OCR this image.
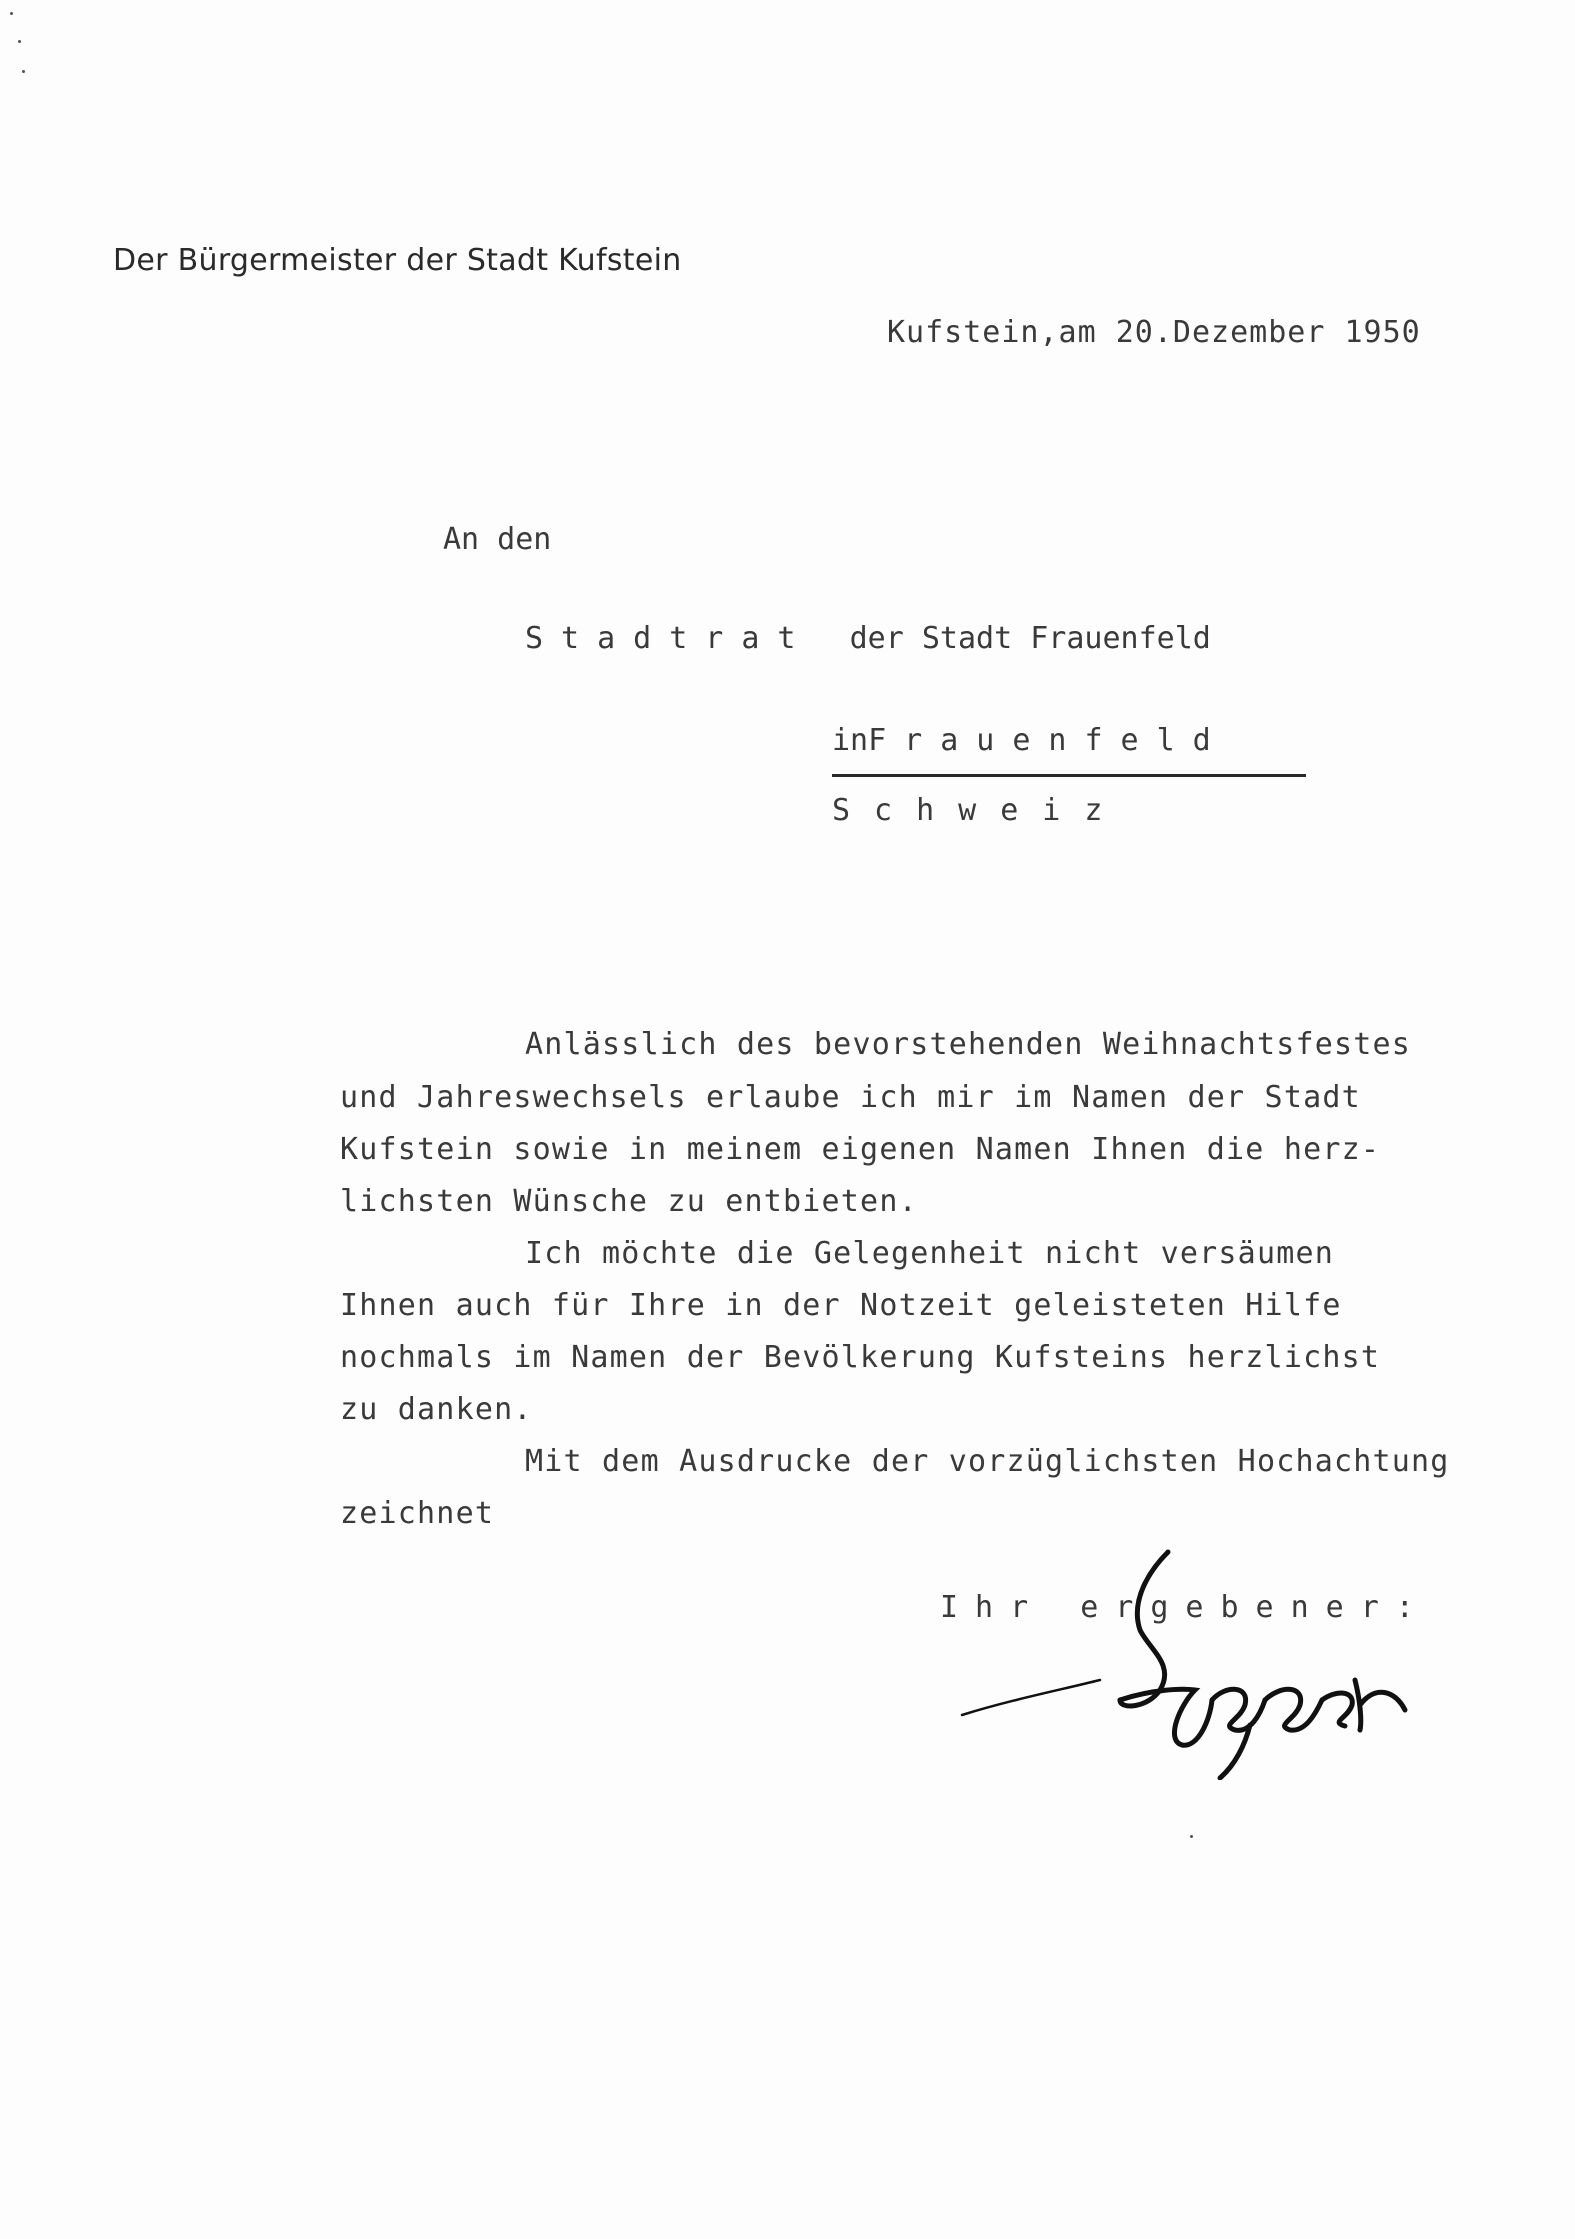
Der Bürgermeister der Stadt Kufstein
Kufstein,am 20.Dezember 1950
An den
Stadtrat der Stadt Frauenfeld
inFrauenfeld
Schweiz
Anlässlich des bevorstehenden Weihnachtsfestes
und Jahreswechsels erlaube ich mir im Namen der Stadt
Kufstein sowie in meinem eigenen Namen Ihnen die herz-
lichsten Wünsche zu entbieten.
Ich möchte die Gelegenheit nicht versäumen
Ihnen auch für Ihre in der Notzeit geleisteten Hilfe
nochmals im Namen der Bevölkerung Kufsteins herzlichst
zu danken.
Mit dem Ausdrucke der vorzüglichsten Hochachtung
zeichnet
Ihr ergebener:
